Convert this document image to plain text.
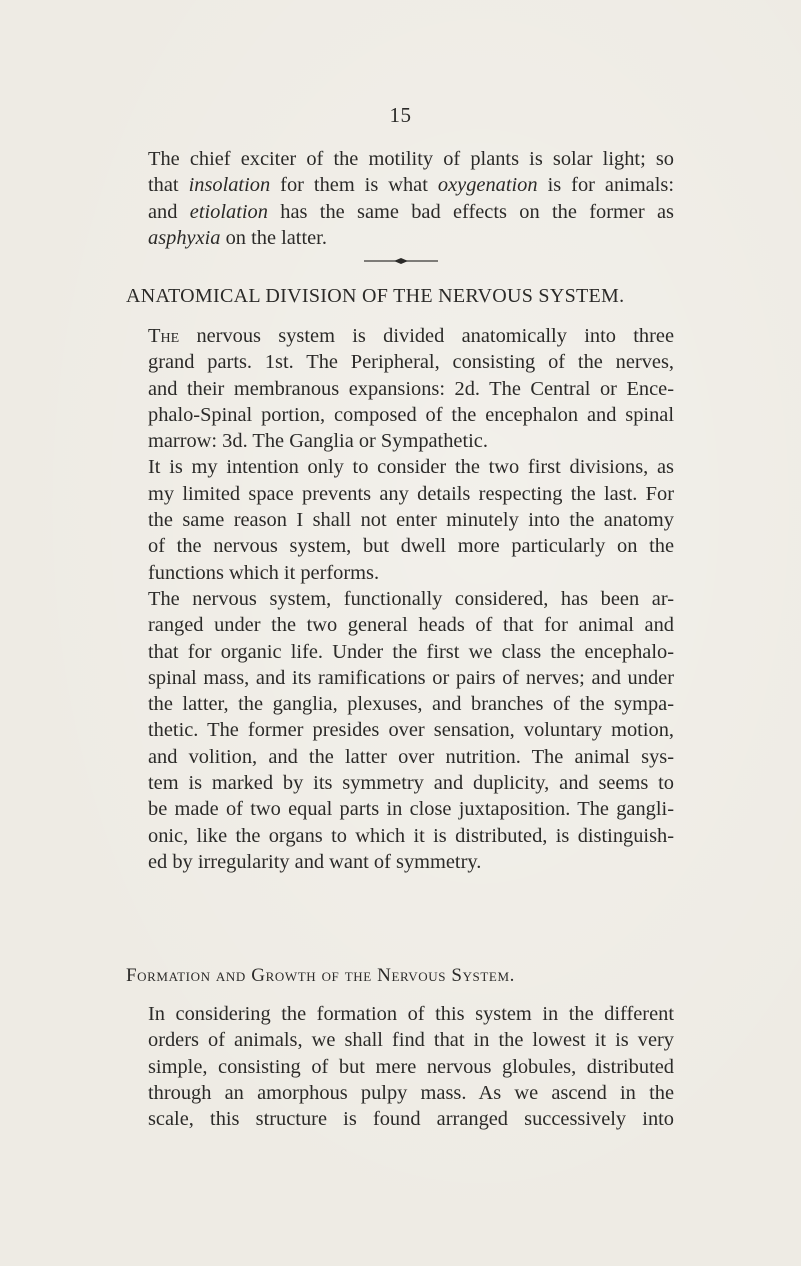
15

The chief exciter of the motility of plants is solar light; so
that insolation for them is what oxygenation is for animals:
and etiolation has the same bad effects on the former as
asphyxia on the latter.

ANATOMICAL DIVISION OF THE NERVOUS SYSTEM.

The nervous system is divided anatomically into three
grand parts. 1st. The Peripheral, consisting of the nerves,
and their membranous expansions: 2d. The Central or Ence-
phalo-Spinal portion, composed of the encephalon and spinal
marrow: 3d. The Ganglia or Sympathetic.

It is my intention only to consider the two first divisions, as
my limited space prevents any details respecting the last. For
the same reason I shall not enter minutely into the anatomy
of the nervous system, but dwell more particularly on the
functions which it performs.

The nervous system, functionally considered, has been ar-
ranged under the two general heads of that for animal and
that for organic life. Under the first we class the encephalo-
spinal mass, and its ramifications or pairs of nerves; and under
the latter, the ganglia, plexuses, and branches of the sympa-
thetic. The former presides over sensation, voluntary motion,
and volition, and the latter over nutrition. The animal sys-
tem is marked by its symmetry and duplicity, and seems to
be made of two equal parts in close juxtaposition. The gangli-
onic, like the organs to which it is distributed, is distinguish-
ed by irregularity and want of symmetry.

Formation and Growth of the Nervous System.

In considering the formation of this system in the different
orders of animals, we shall find that in the lowest it is very
simple, consisting of but mere nervous globules, distributed
through an amorphous pulpy mass. As we ascend in the
scale, this structure is found arranged successively into
